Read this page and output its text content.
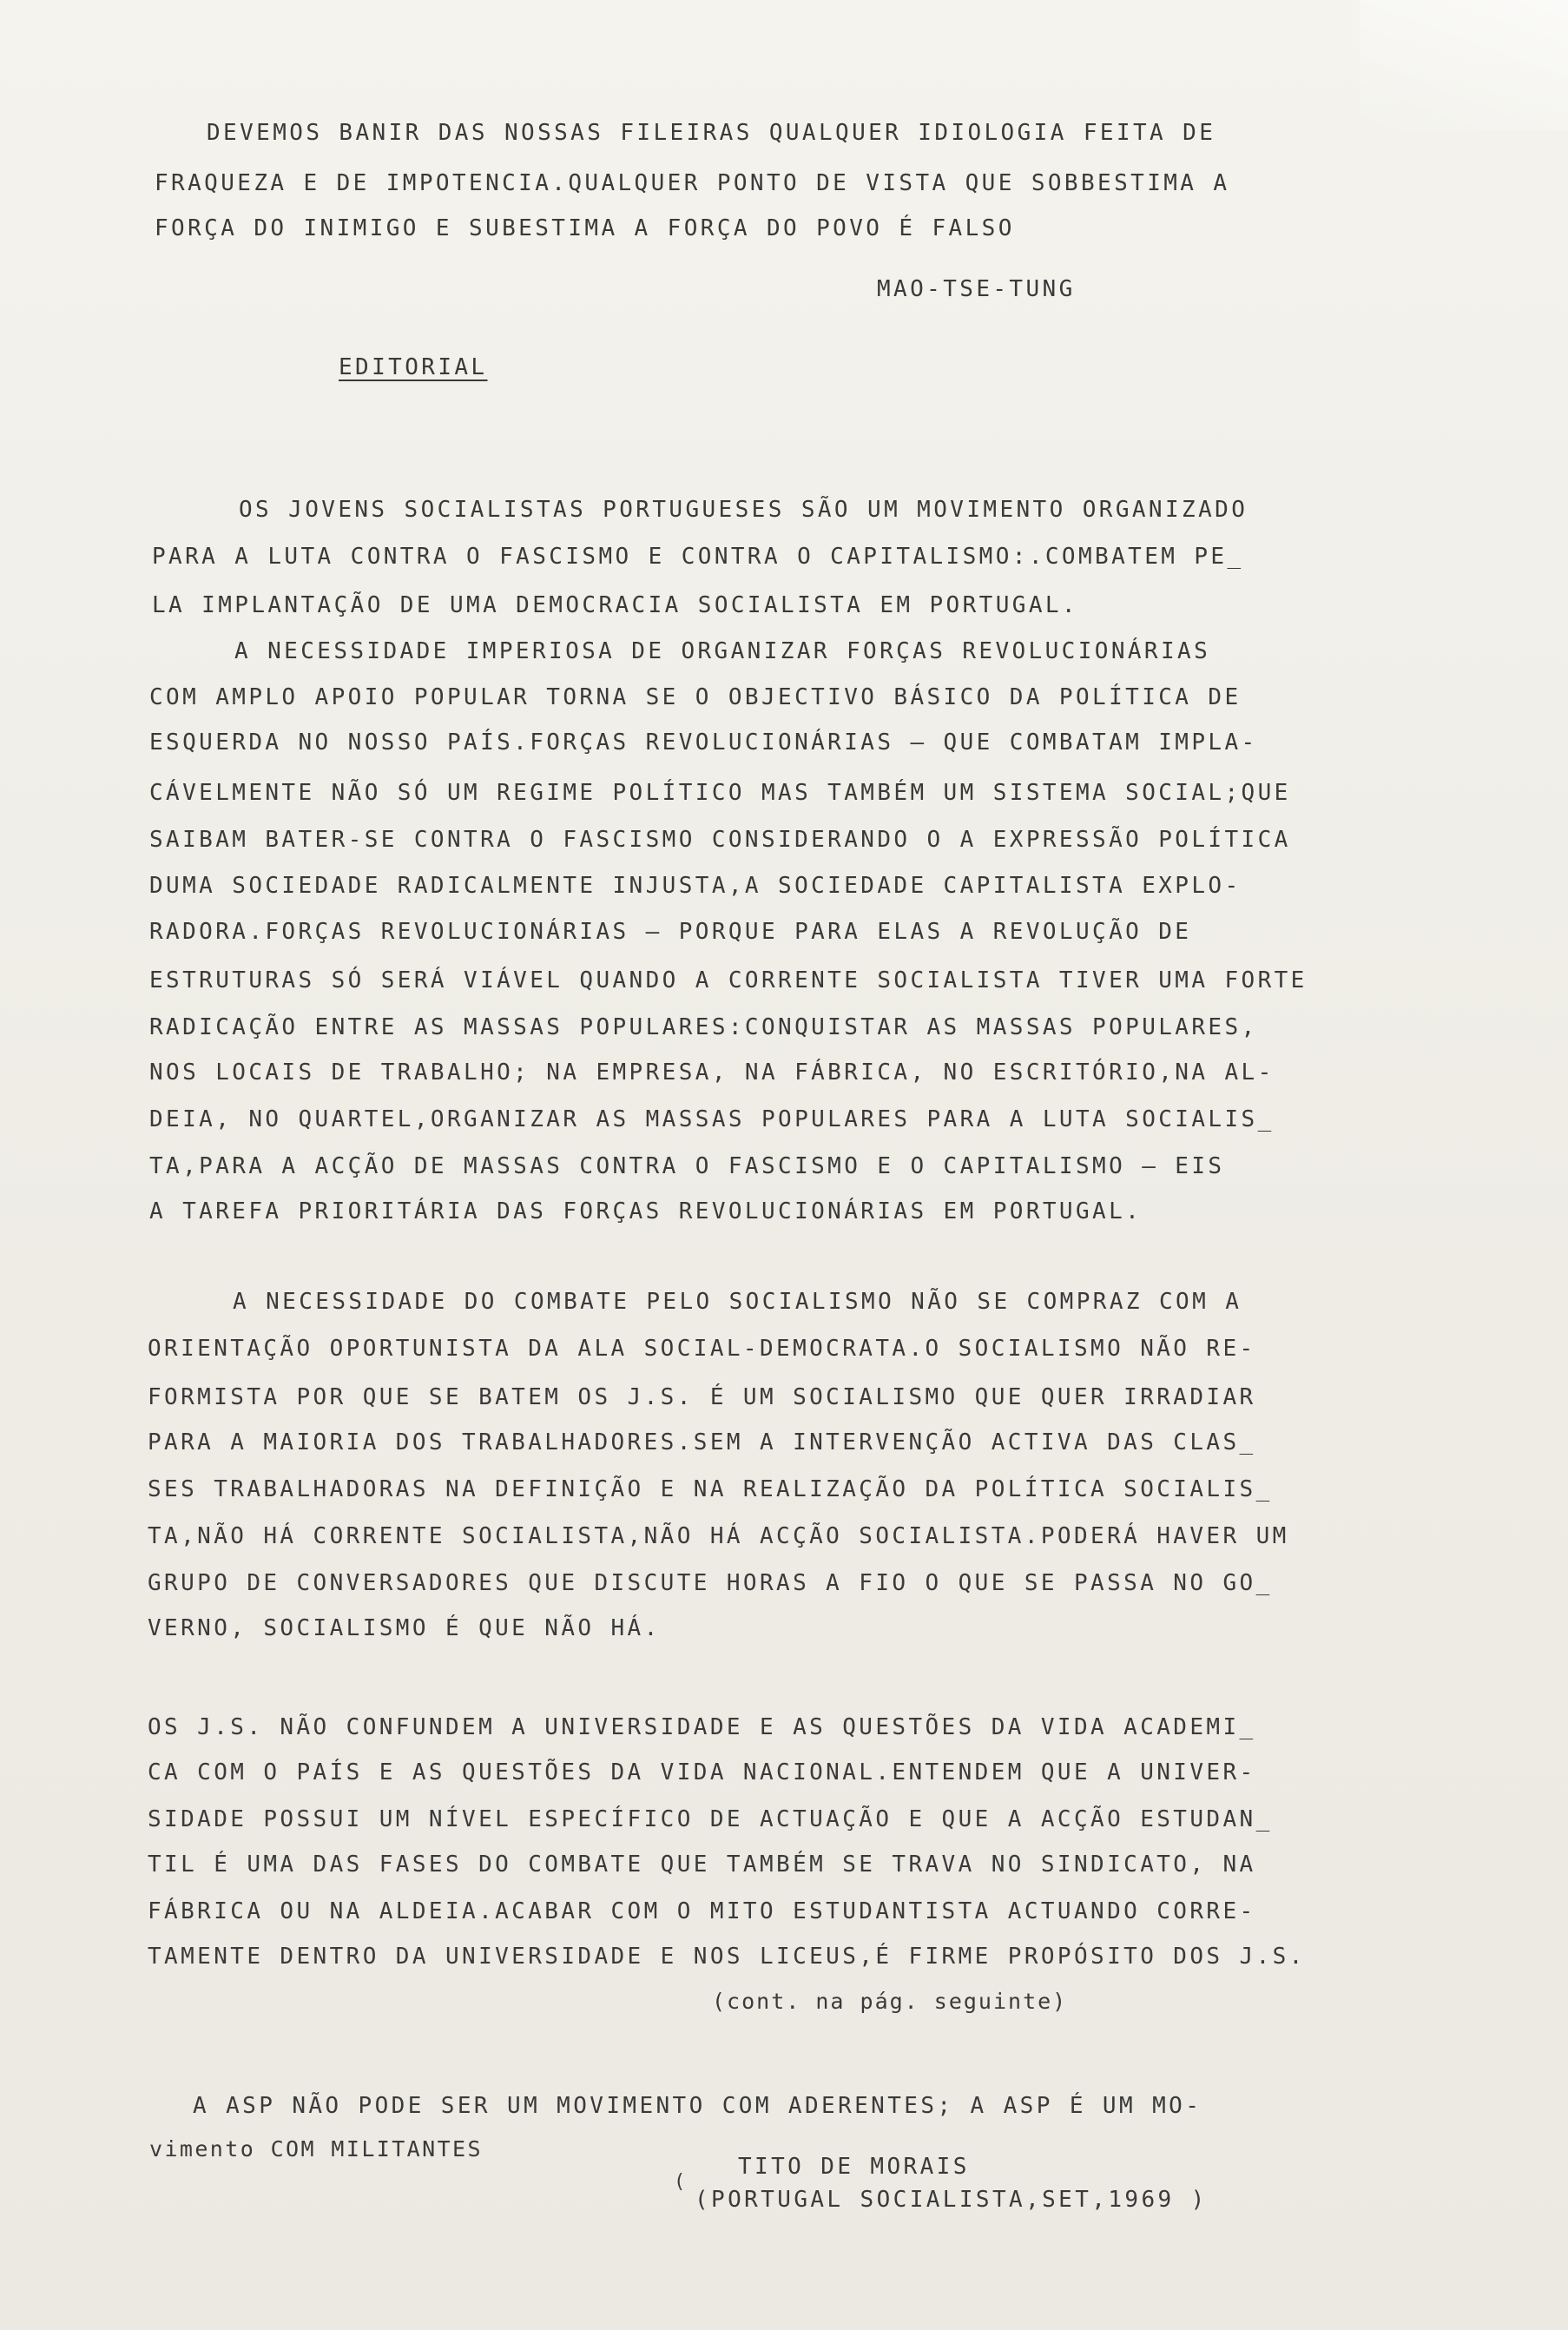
DEVEMOS BANIR DAS NOSSAS FILEIRAS QUALQUER IDIOLOGIA FEITA DE
FRAQUEZA E DE IMPOTENCIA.QUALQUER PONTO DE VISTA QUE SOBBESTIMA A
FORÇA DO INIMIGO E SUBESTIMA A FORÇA DO POVO É FALSO
MAO-TSE-TUNG
EDITORIAL
OS JOVENS SOCIALISTAS PORTUGUESES SÃO UM MOVIMENTO ORGANIZADO
PARA A LUTA CONTRA O FASCISMO E CONTRA O CAPITALISMO:.COMBATEM PE_
LA IMPLANTAÇÃO DE UMA DEMOCRACIA SOCIALISTA EM PORTUGAL.
A NECESSIDADE IMPERIOSA DE ORGANIZAR FORÇAS REVOLUCIONÁRIAS
COM AMPLO APOIO POPULAR TORNA SE O OBJECTIVO BÁSICO DA POLÍTICA DE
ESQUERDA NO NOSSO PAÍS.FORÇAS REVOLUCIONÁRIAS — QUE COMBATAM IMPLA-
CÁVELMENTE NÃO SÓ UM REGIME POLÍTICO MAS TAMBÉM UM SISTEMA SOCIAL;QUE
SAIBAM BATER-SE CONTRA O FASCISMO CONSIDERANDO O A EXPRESSÃO POLÍTICA
DUMA SOCIEDADE RADICALMENTE INJUSTA,A SOCIEDADE CAPITALISTA EXPLO-
RADORA.FORÇAS REVOLUCIONÁRIAS — PORQUE PARA ELAS A REVOLUÇÃO DE
ESTRUTURAS SÓ SERÁ VIÁVEL QUANDO A CORRENTE SOCIALISTA TIVER UMA FORTE
RADICAÇÃO ENTRE AS MASSAS POPULARES:CONQUISTAR AS MASSAS POPULARES,
NOS LOCAIS DE TRABALHO; NA EMPRESA, NA FÁBRICA, NO ESCRITÓRIO,NA AL-
DEIA, NO QUARTEL,ORGANIZAR AS MASSAS POPULARES PARA A LUTA SOCIALIS_
TA,PARA A ACÇÃO DE MASSAS CONTRA O FASCISMO E O CAPITALISMO — EIS
A TAREFA PRIORITÁRIA DAS FORÇAS REVOLUCIONÁRIAS EM PORTUGAL.
A NECESSIDADE DO COMBATE PELO SOCIALISMO NÃO SE COMPRAZ COM A
ORIENTAÇÃO OPORTUNISTA DA ALA SOCIAL-DEMOCRATA.O SOCIALISMO NÃO RE-
FORMISTA POR QUE SE BATEM OS J.S. É UM SOCIALISMO QUE QUER IRRADIAR
PARA A MAIORIA DOS TRABALHADORES.SEM A INTERVENÇÃO ACTIVA DAS CLAS_
SES TRABALHADORAS NA DEFINIÇÃO E NA REALIZAÇÃO DA POLÍTICA SOCIALIS_
TA,NÃO HÁ CORRENTE SOCIALISTA,NÃO HÁ ACÇÃO SOCIALISTA.PODERÁ HAVER UM
GRUPO DE CONVERSADORES QUE DISCUTE HORAS A FIO O QUE SE PASSA NO GO_
VERNO, SOCIALISMO É QUE NÃO HÁ.
OS J.S. NÃO CONFUNDEM A UNIVERSIDADE E AS QUESTÕES DA VIDA ACADEMI_
CA COM O PAÍS E AS QUESTÕES DA VIDA NACIONAL.ENTENDEM QUE A UNIVER-
SIDADE POSSUI UM NÍVEL ESPECÍFICO DE ACTUAÇÃO E QUE A ACÇÃO ESTUDAN_
TIL É UMA DAS FASES DO COMBATE QUE TAMBÉM SE TRAVA NO SINDICATO, NA
FÁBRICA OU NA ALDEIA.ACABAR COM O MITO ESTUDANTISTA ACTUANDO CORRE-
TAMENTE DENTRO DA UNIVERSIDADE E NOS LICEUS,É FIRME PROPÓSITO DOS J.S.
(cont. na pág. seguinte)
A ASP NÃO PODE SER UM MOVIMENTO COM ADERENTES; A ASP É UM MO-
vimento COM MILITANTES
(
TITO DE MORAIS
(PORTUGAL SOCIALISTA,SET,1969 )
